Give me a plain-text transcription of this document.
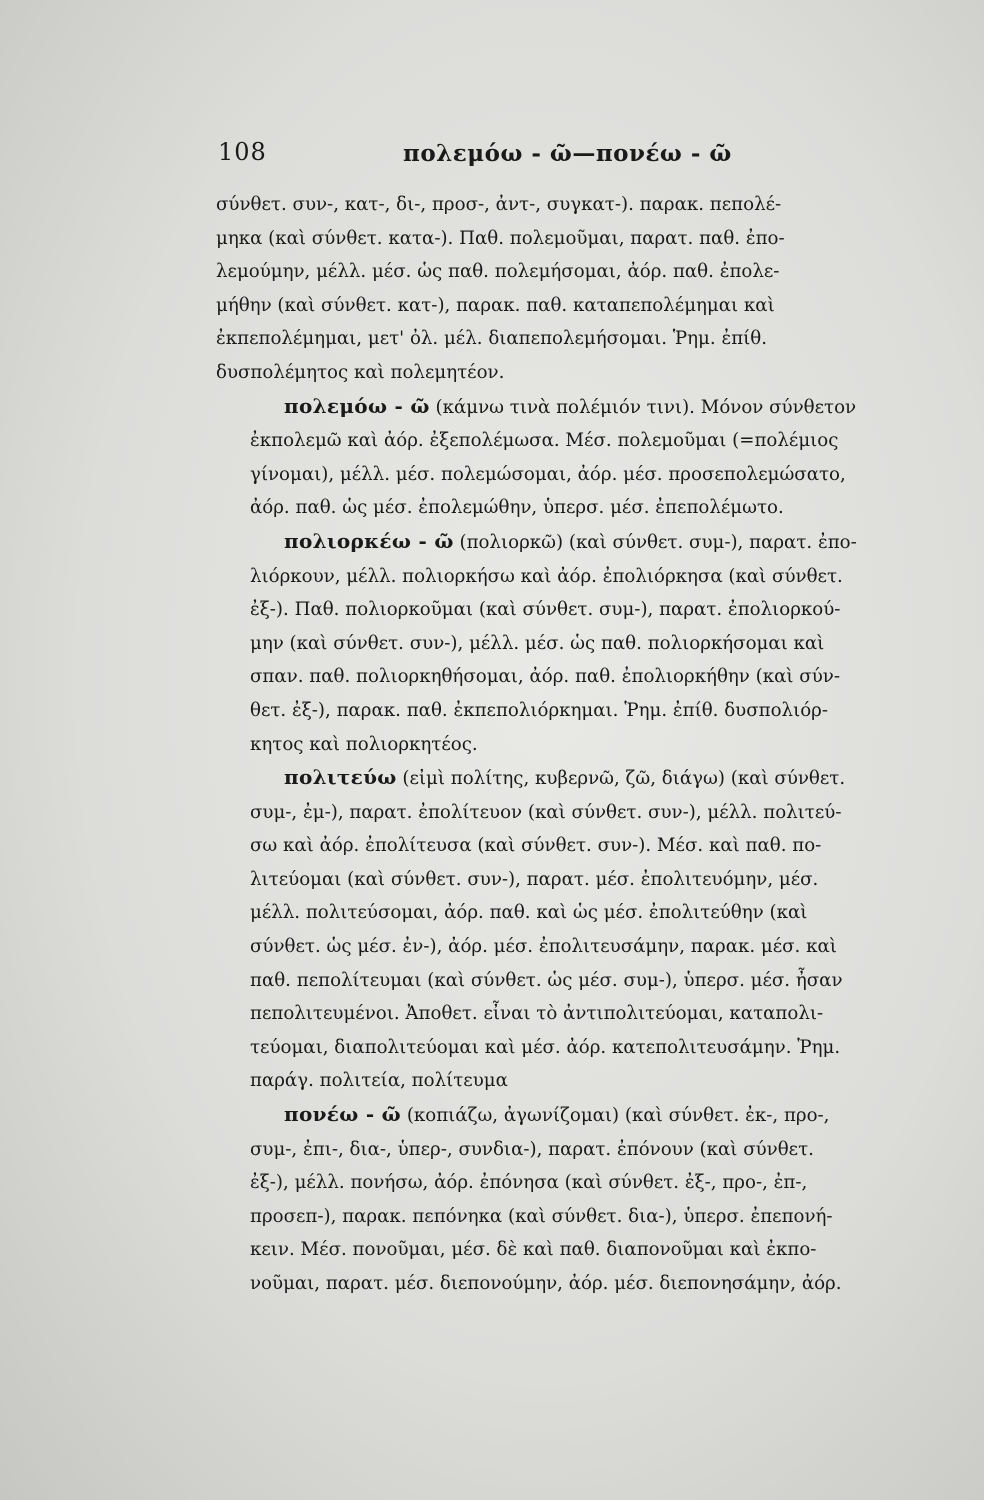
108	πολεμόω - ῶ—πονέω - ῶ
σύνθετ. συν-, κατ-, δι-, προσ-, ἀντ-, συγκατ-). παρακ. πεπολέ-
μηκα (καὶ σύνθετ. κατα-). Παθ. πολεμοῦμαι, παρατ. παθ. ἐπο-
λεμούμην, μέλλ. μέσ. ὡς παθ. πολεμήσομαι, ἀόρ. παθ. ἐπολε-
μήθην (καὶ σύνθετ. κατ-), παρακ. παθ. καταπεπολέμημαι καὶ
ἐκπεπολέμημαι, μετ' ὀλ. μέλ. διαπεπολεμήσομαι. Ῥημ. ἐπίθ.
δυσπολέμητος καὶ πολεμητέον.
πολεμόω - ῶ (κάμνω τινὰ πολέμιόν τινι). Μόνον σύνθετον
ἐκπολεμῶ καὶ ἀόρ. ἐξεπολέμωσα. Μέσ. πολεμοῦμαι (=πολέμιος
γίνομαι), μέλλ. μέσ. πολεμώσομαι, ἀόρ. μέσ. προσεπολεμώσατο,
ἀόρ. παθ. ὡς μέσ. ἐπολεμώθην, ὑπερσ. μέσ. ἐπεπολέμωτο.
πολιορκέω - ῶ (πολιορκῶ) (καὶ σύνθετ. συμ-), παρατ. ἐπο-
λιόρκουν, μέλλ. πολιορκήσω καὶ ἀόρ. ἐπολιόρκησα (καὶ σύνθετ.
ἐξ-). Παθ. πολιορκοῦμαι (καὶ σύνθετ. συμ-), παρατ. ἐπολιορκού-
μην (καὶ σύνθετ. συν-), μέλλ. μέσ. ὡς παθ. πολιορκήσομαι καὶ
σπαν. παθ. πολιορκηθήσομαι, ἀόρ. παθ. ἐπολιορκήθην (καὶ σύν-
θετ. ἐξ-), παρακ. παθ. ἐκπεπολιόρκημαι. Ῥημ. ἐπίθ. δυσπολιόρ-
κητος καὶ πολιορκητέος.
πολιτεύω (εἰμὶ πολίτης, κυβερνῶ, ζῶ, διάγω) (καὶ σύνθετ.
συμ-, ἐμ-), παρατ. ἐπολίτευον (καὶ σύνθετ. συν-), μέλλ. πολιτεύ-
σω καὶ ἀόρ. ἐπολίτευσα (καὶ σύνθετ. συν-). Μέσ. καὶ παθ. πο-
λιτεύομαι (καὶ σύνθετ. συν-), παρατ. μέσ. ἐπολιτευόμην, μέσ.
μέλλ. πολιτεύσομαι, ἀόρ. παθ. καὶ ὡς μέσ. ἐπολιτεύθην (καὶ
σύνθετ. ὡς μέσ. ἐν-), ἀόρ. μέσ. ἐπολιτευσάμην, παρακ. μέσ. καὶ
παθ. πεπολίτευμαι (καὶ σύνθετ. ὡς μέσ. συμ-), ὑπερσ. μέσ. ἦσαν
πεπολιτευμένοι. Ἀποθετ. εἶναι τὸ ἀντιπολιτεύομαι, καταπολι-
τεύομαι, διαπολιτεύομαι καὶ μέσ. ἀόρ. κατεπολιτευσάμην. Ῥημ.
παράγ. πολιτεία, πολίτευμα
πονέω - ῶ (κοπιάζω, ἀγωνίζομαι) (καὶ σύνθετ. ἐκ-, προ-,
συμ-, ἐπι-, δια-, ὑπερ-, συνδια-), παρατ. ἐπόνουν (καὶ σύνθετ.
ἐξ-), μέλλ. πονήσω, ἀόρ. ἐπόνησα (καὶ σύνθετ. ἐξ-, προ-, ἐπ-,
προσεπ-), παρακ. πεπόνηκα (καὶ σύνθετ. δια-), ὑπερσ. ἐπεπονή-
κειν. Μέσ. πονοῦμαι, μέσ. δὲ καὶ παθ. διαπονοῦμαι καὶ ἐκπο-
νοῦμαι, παρατ. μέσ. διεπονούμην, ἀόρ. μέσ. διεπονησάμην, ἀόρ.
